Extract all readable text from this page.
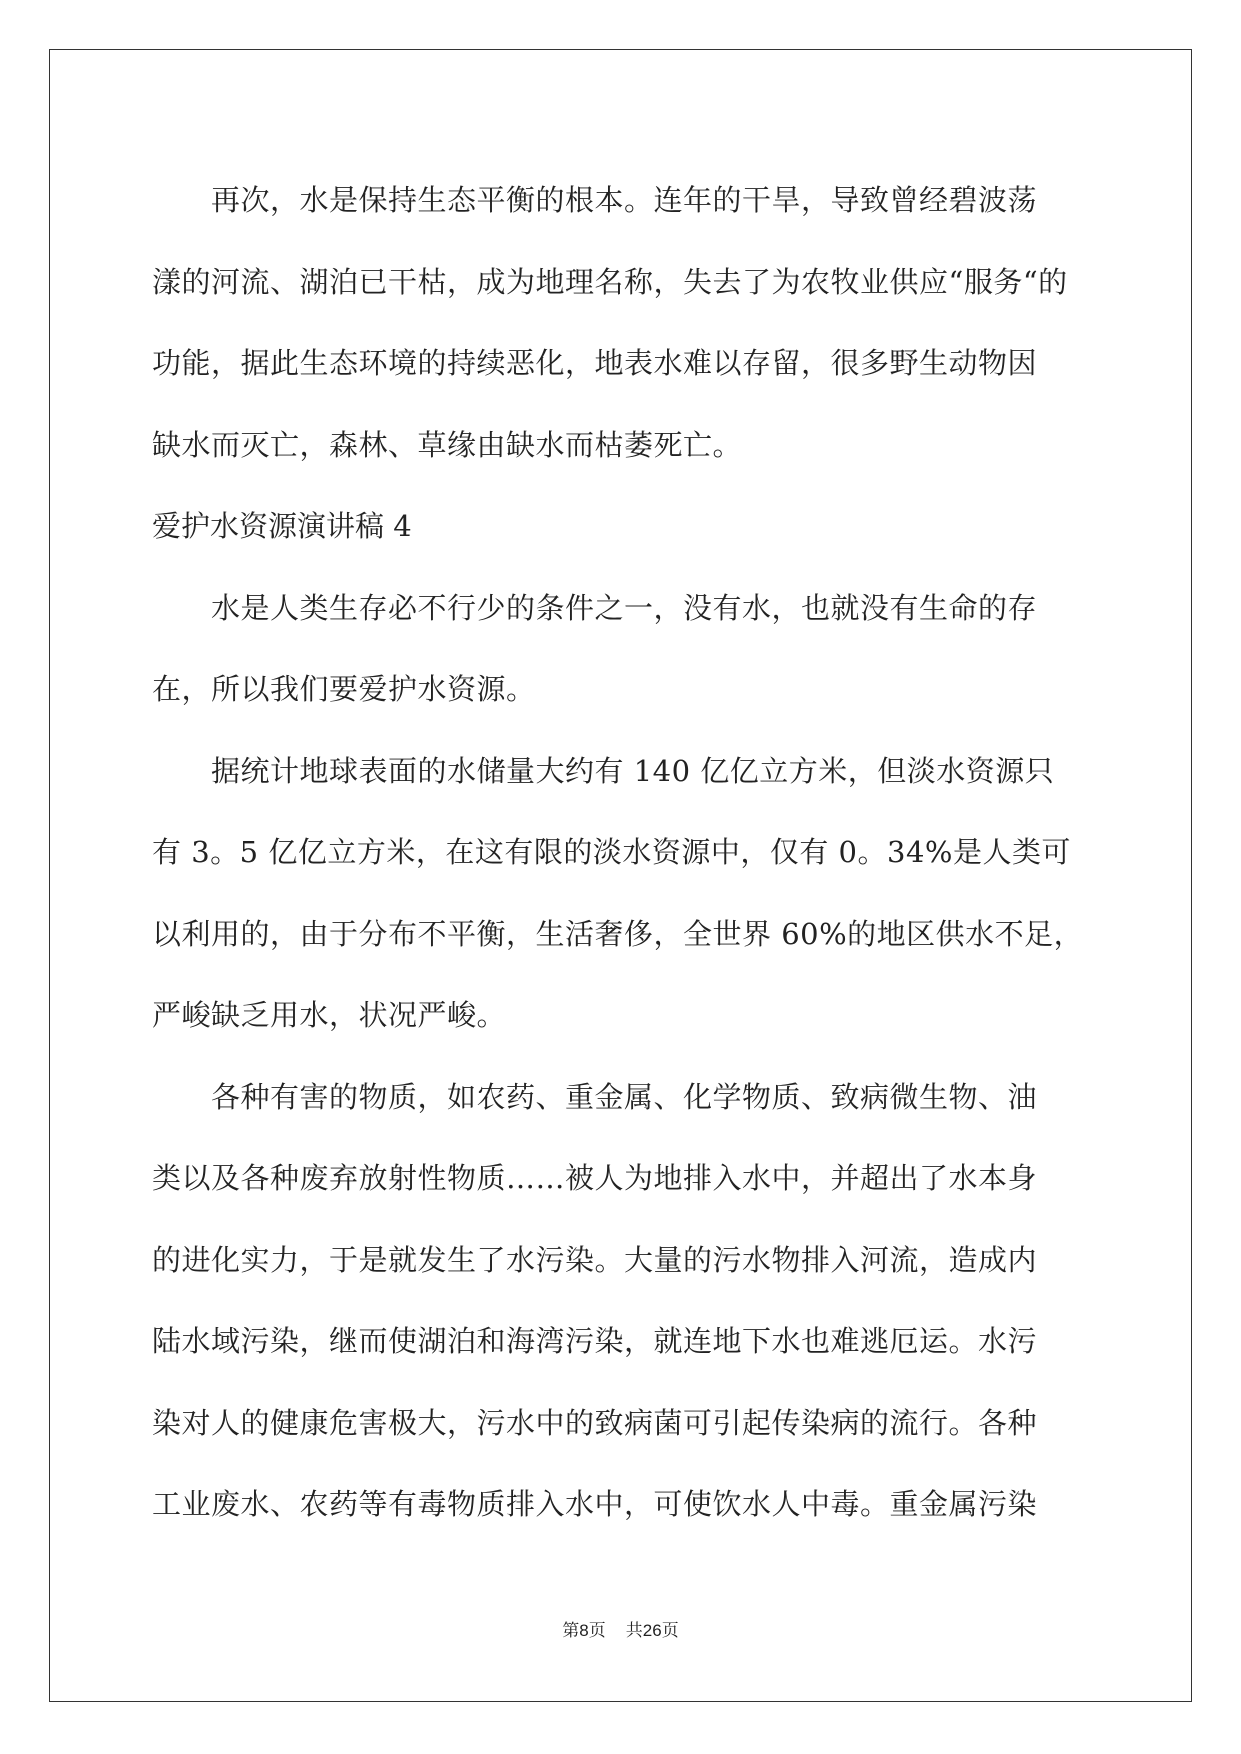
　　再次，水是保持生态平衡的根本。连年的干旱，导致曾经碧波荡
漾的河流、湖泊已干枯，成为地理名称，失去了为农牧业供应“服务“的
功能，据此生态环境的持续恶化，地表水难以存留，很多野生动物因
缺水而灭亡，森林、草缘由缺水而枯萎死亡。
爱护水资源演讲稿 4
　　水是人类生存必不行少的条件之一，没有水，也就没有生命的存
在，所以我们要爱护水资源。
　　据统计地球表面的水储量大约有 140 亿亿立方米，但淡水资源只
有 3。5 亿亿立方米，在这有限的淡水资源中，仅有 0。34%是人类可
以利用的，由于分布不平衡，生活奢侈，全世界 60%的地区供水不足，
严峻缺乏用水，状况严峻。
　　各种有害的物质，如农药、重金属、化学物质、致病微生物、油
类以及各种废弃放射性物质……被人为地排入水中，并超出了水本身
的进化实力，于是就发生了水污染。大量的污水物排入河流，造成内
陆水域污染，继而使湖泊和海湾污染，就连地下水也难逃厄运。水污
染对人的健康危害极大，污水中的致病菌可引起传染病的流行。各种
工业废水、农药等有毒物质排入水中，可使饮水人中毒。重金属污染
第8页 共26页
